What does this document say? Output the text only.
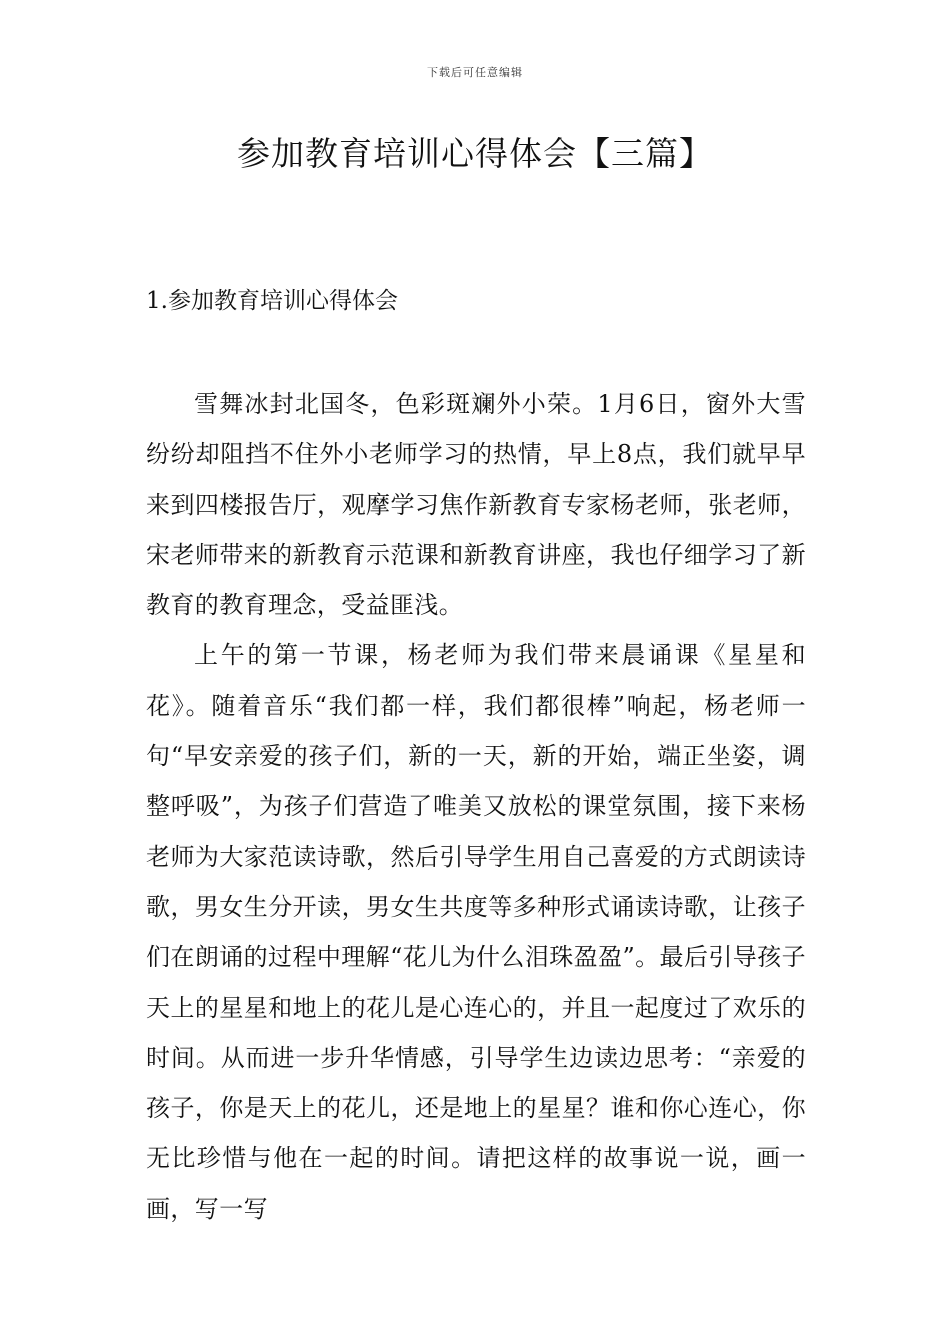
下载后可任意编辑
参加教育培训心得体会【三篇】
1.参加教育培训心得体会

雪舞冰封北国冬，色彩斑斓外小荣。1月6日，窗外大雪纷纷却阻挡不住外小老师学习的热情，早上8点，我们就早早来到四楼报告厅，观摩学习焦作新教育专家杨老师，张老师，宋老师带来的新教育示范课和新教育讲座，我也仔细学习了新教育的教育理念，受益匪浅。

上午的第一节课，杨老师为我们带来晨诵课《星星和花》。随着音乐“我们都一样，我们都很棒”响起，杨老师一句“早安亲爱的孩子们，新的一天，新的开始，端正坐姿，调整呼吸”，为孩子们营造了唯美又放松的课堂氛围，接下来杨老师为大家范读诗歌，然后引导学生用自己喜爱的方式朗读诗歌，男女生分开读，男女生共度等多种形式诵读诗歌，让孩子们在朗诵的过程中理解“花儿为什么泪珠盈盈”。最后引导孩子天上的星星和地上的花儿是心连心的，并且一起度过了欢乐的时间。从而进一步升华情感，引导学生边读边思考：“亲爱的孩子，你是天上的花儿，还是地上的星星？谁和你心连心，你无比珍惜与他在一起的时间。请把这样的故事说一说，画一画，写一写
